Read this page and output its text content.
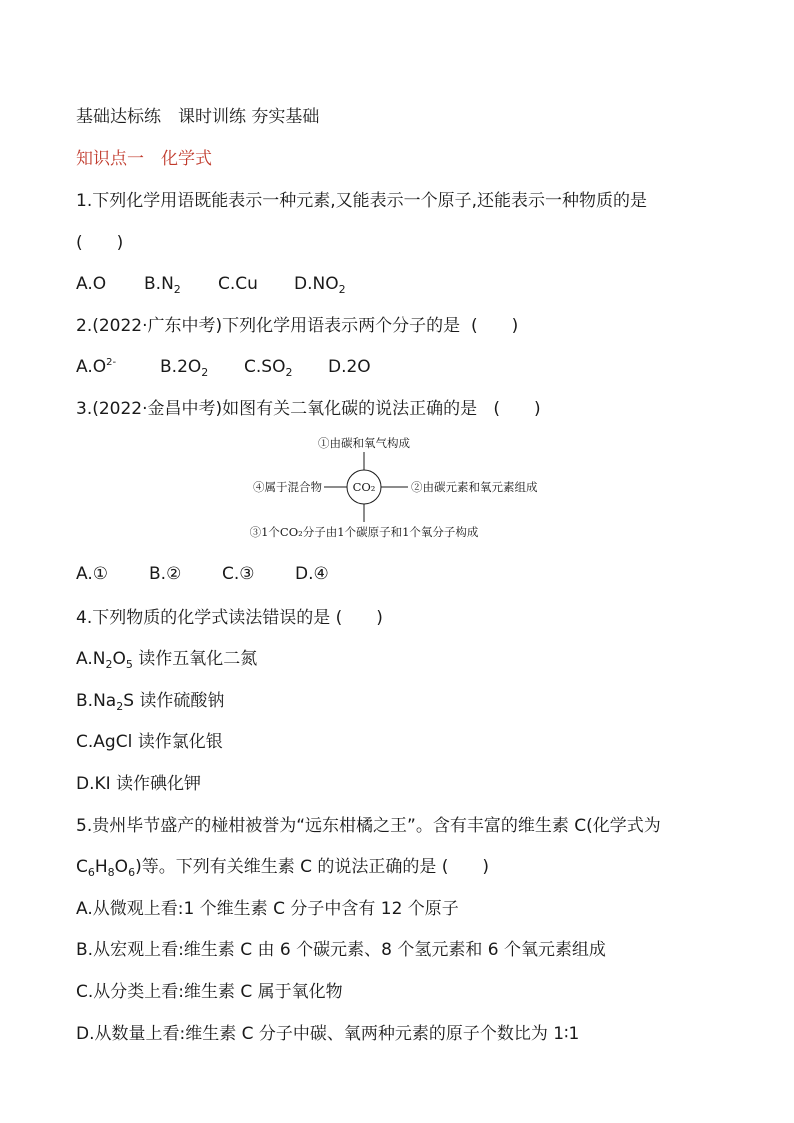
基础达标练　课时训练 夯实基础
知识点一　化学式
1.下列化学用语既能表示一种元素,又能表示一个原子,还能表示一种物质的是
(　　)
A.O $B.N_2$ C.Cu $D.NO_2$
2.(2022·广东中考)下列化学用语表示两个分子的是 (　　)
$A.O^{2-}$	$B.2O_2$ $C.SO_2$ D.2O
3.(2022·金昌中考)如图有关二氧化碳的说法正确的是 (　　)
CO₂
①由碳和氧气构成
②由碳元素和氧元素组成
③1个CO₂分子由1个碳原子和1个氧分子构成
④属于混合物
A.① B.② C.③ D.④
4.下列物质的化学式读法错误的是 (　　)
$A.N_2O_5$ 读作五氧化二氮
$B.Na_2S$ 读作硫酸钠
C.AgCl 读作氯化银
D.KI 读作碘化钾
5.贵州毕节盛产的椪柑被誉为“远东柑橘之王”。含有丰富的维生素 C(化学式为
$C_6H_8O_6$)等。下列有关维生素 C 的说法正确的是 (　　)
A.从微观上看:1 个维生素 C 分子中含有 12 个原子
B.从宏观上看:维生素 C 由 6 个碳元素、8 个氢元素和 6 个氧元素组成
C.从分类上看:维生素 C 属于氧化物
D.从数量上看:维生素 C 分子中碳、氧两种元素的原子个数比为 1∶1
